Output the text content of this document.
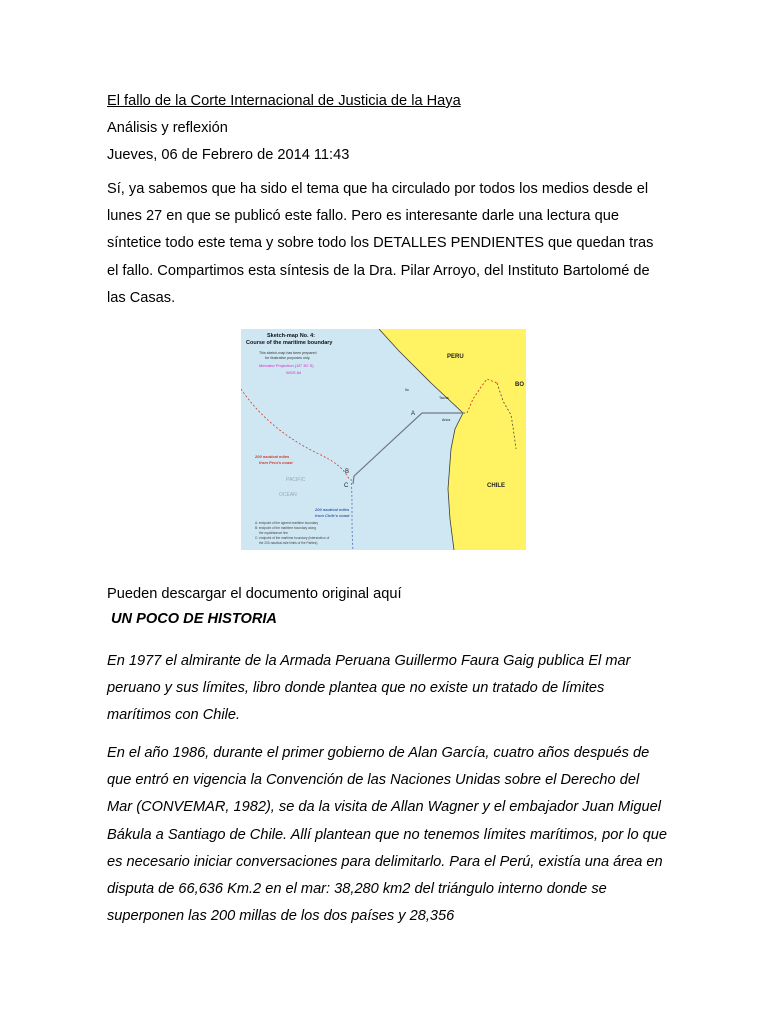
El fallo de la Corte Internacional de Justicia de la Haya
Análisis y reflexión
Jueves, 06 de Febrero de 2014 11:43
Sí, ya sabemos que ha sido el tema que ha circulado por todos los medios desde el lunes 27 en que se publicó este fallo. Pero es interesante darle una lectura que síntetice todo este tema y sobre todo los DETALLES PENDIENTES que quedan tras el fallo. Compartimos esta síntesis de la Dra. Pilar Arroyo, del Instituto Bartolomé de las Casas.
Sketch-map No. 4:
Course of the maritime boundary
This sketch-map has been prepared
for illustrative purposes only.
Mercator Projection (15° 30' S)
WGS 84
PERU
CHILE
BO
PACIFIC
OCEAN
200 nautical miles
from Peru's coast
200 nautical miles
from Chile's coast
A
B
C
Ilo
Tacna
Arica
A: endpoint of the agreed maritime boundary
B: endpoint of the maritime boundary along
the equidistance line
C: endpoint of the maritime boundary (intersection of
the 200-nautical-mile limits of the Parties)
Pueden descargar el documento original aquí
UN POCO DE HISTORIA
En 1977 el almirante de la Armada Peruana Guillermo Faura Gaig publica El mar peruano y sus límites, libro donde plantea que no existe un tratado de límites marítimos con Chile.
En el año 1986, durante el primer gobierno de Alan García, cuatro años después de que entró en vigencia la Convención de las Naciones Unidas sobre el Derecho del Mar (CONVEMAR, 1982), se da la visita de Allan Wagner y el embajador Juan Miguel Bákula a Santiago de Chile. Allí plantean que no tenemos límites marítimos, por lo que es necesario iniciar conversaciones para delimitarlo. Para el Perú, existía una área en disputa de 66,636 Km.2 en el mar: 38,280 km2 del triángulo interno donde se superponen las 200 millas de los dos países y 28,356
